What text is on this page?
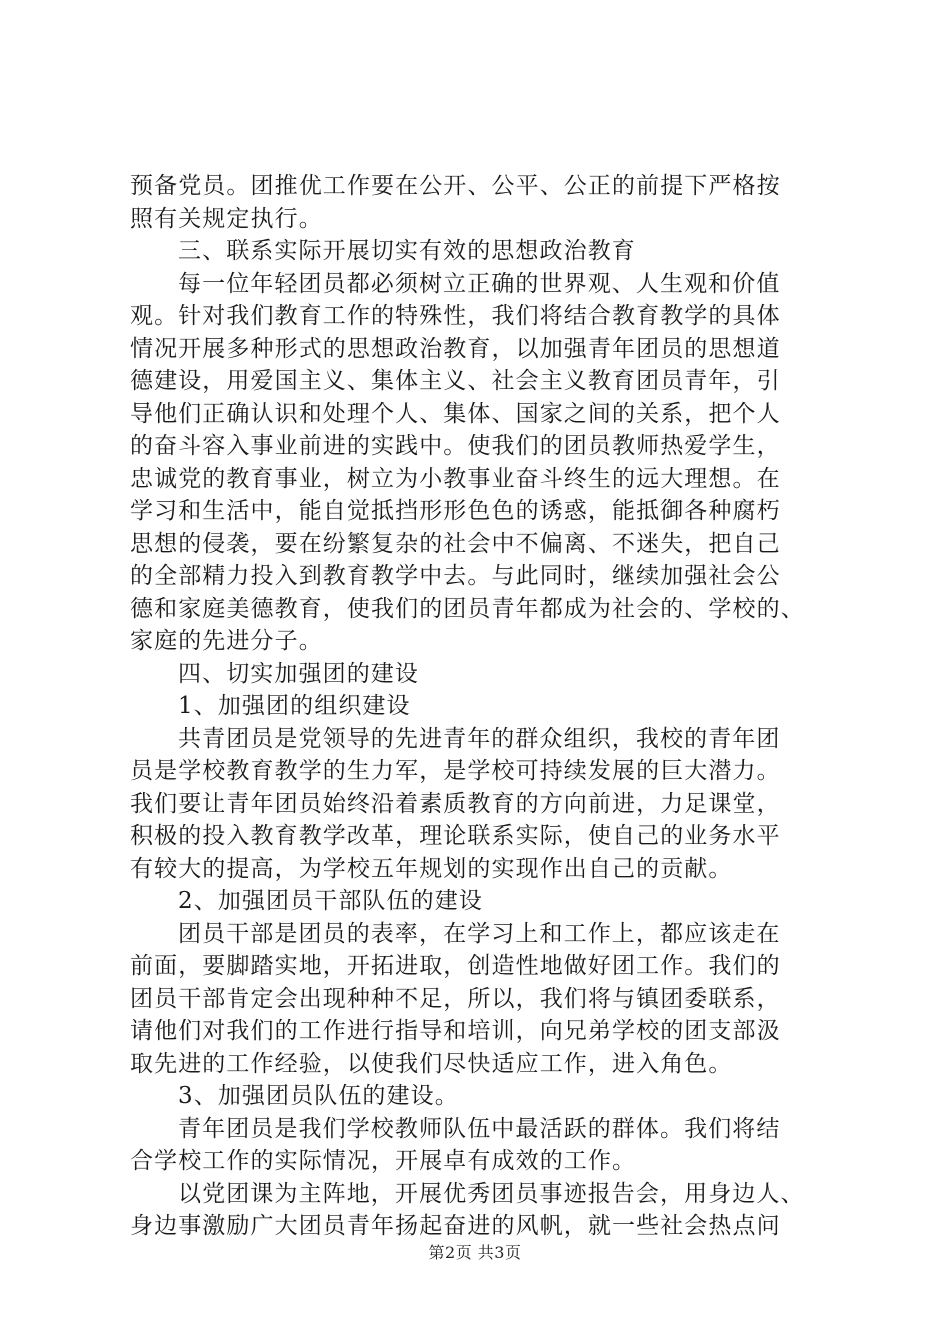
预备党员。团推优工作要在公开、公平、公正的前提下严格按
照有关规定执行。
三、联系实际开展切实有效的思想政治教育
每一位年轻团员都必须树立正确的世界观、人生观和价值
观。针对我们教育工作的特殊性，我们将结合教育教学的具体
情况开展多种形式的思想政治教育，以加强青年团员的思想道
德建设，用爱国主义、集体主义、社会主义教育团员青年，引
导他们正确认识和处理个人、集体、国家之间的关系，把个人
的奋斗容入事业前进的实践中。使我们的团员教师热爱学生，
忠诚党的教育事业，树立为小教事业奋斗终生的远大理想。在
学习和生活中，能自觉抵挡形形色色的诱惑，能抵御各种腐朽
思想的侵袭，要在纷繁复杂的社会中不偏离、不迷失，把自己
的全部精力投入到教育教学中去。与此同时，继续加强社会公
德和家庭美德教育，使我们的团员青年都成为社会的、学校的、
家庭的先进分子。
四、切实加强团的建设
1、加强团的组织建设
共青团员是党领导的先进青年的群众组织，我校的青年团
员是学校教育教学的生力军，是学校可持续发展的巨大潜力。
我们要让青年团员始终沿着素质教育的方向前进，力足课堂，
积极的投入教育教学改革，理论联系实际，使自己的业务水平
有较大的提高，为学校五年规划的实现作出自己的贡献。
2、加强团员干部队伍的建设
团员干部是团员的表率，在学习上和工作上，都应该走在
前面，要脚踏实地，开拓进取，创造性地做好团工作。我们的
团员干部肯定会出现种种不足，所以，我们将与镇团委联系，
请他们对我们的工作进行指导和培训，向兄弟学校的团支部汲
取先进的工作经验，以使我们尽快适应工作，进入角色。
3、加强团员队伍的建设。
青年团员是我们学校教师队伍中最活跃的群体。我们将结
合学校工作的实际情况，开展卓有成效的工作。
以党团课为主阵地，开展优秀团员事迹报告会，用身边人、
身边事激励广大团员青年扬起奋进的风帆，就一些社会热点问
第2页 共3页
